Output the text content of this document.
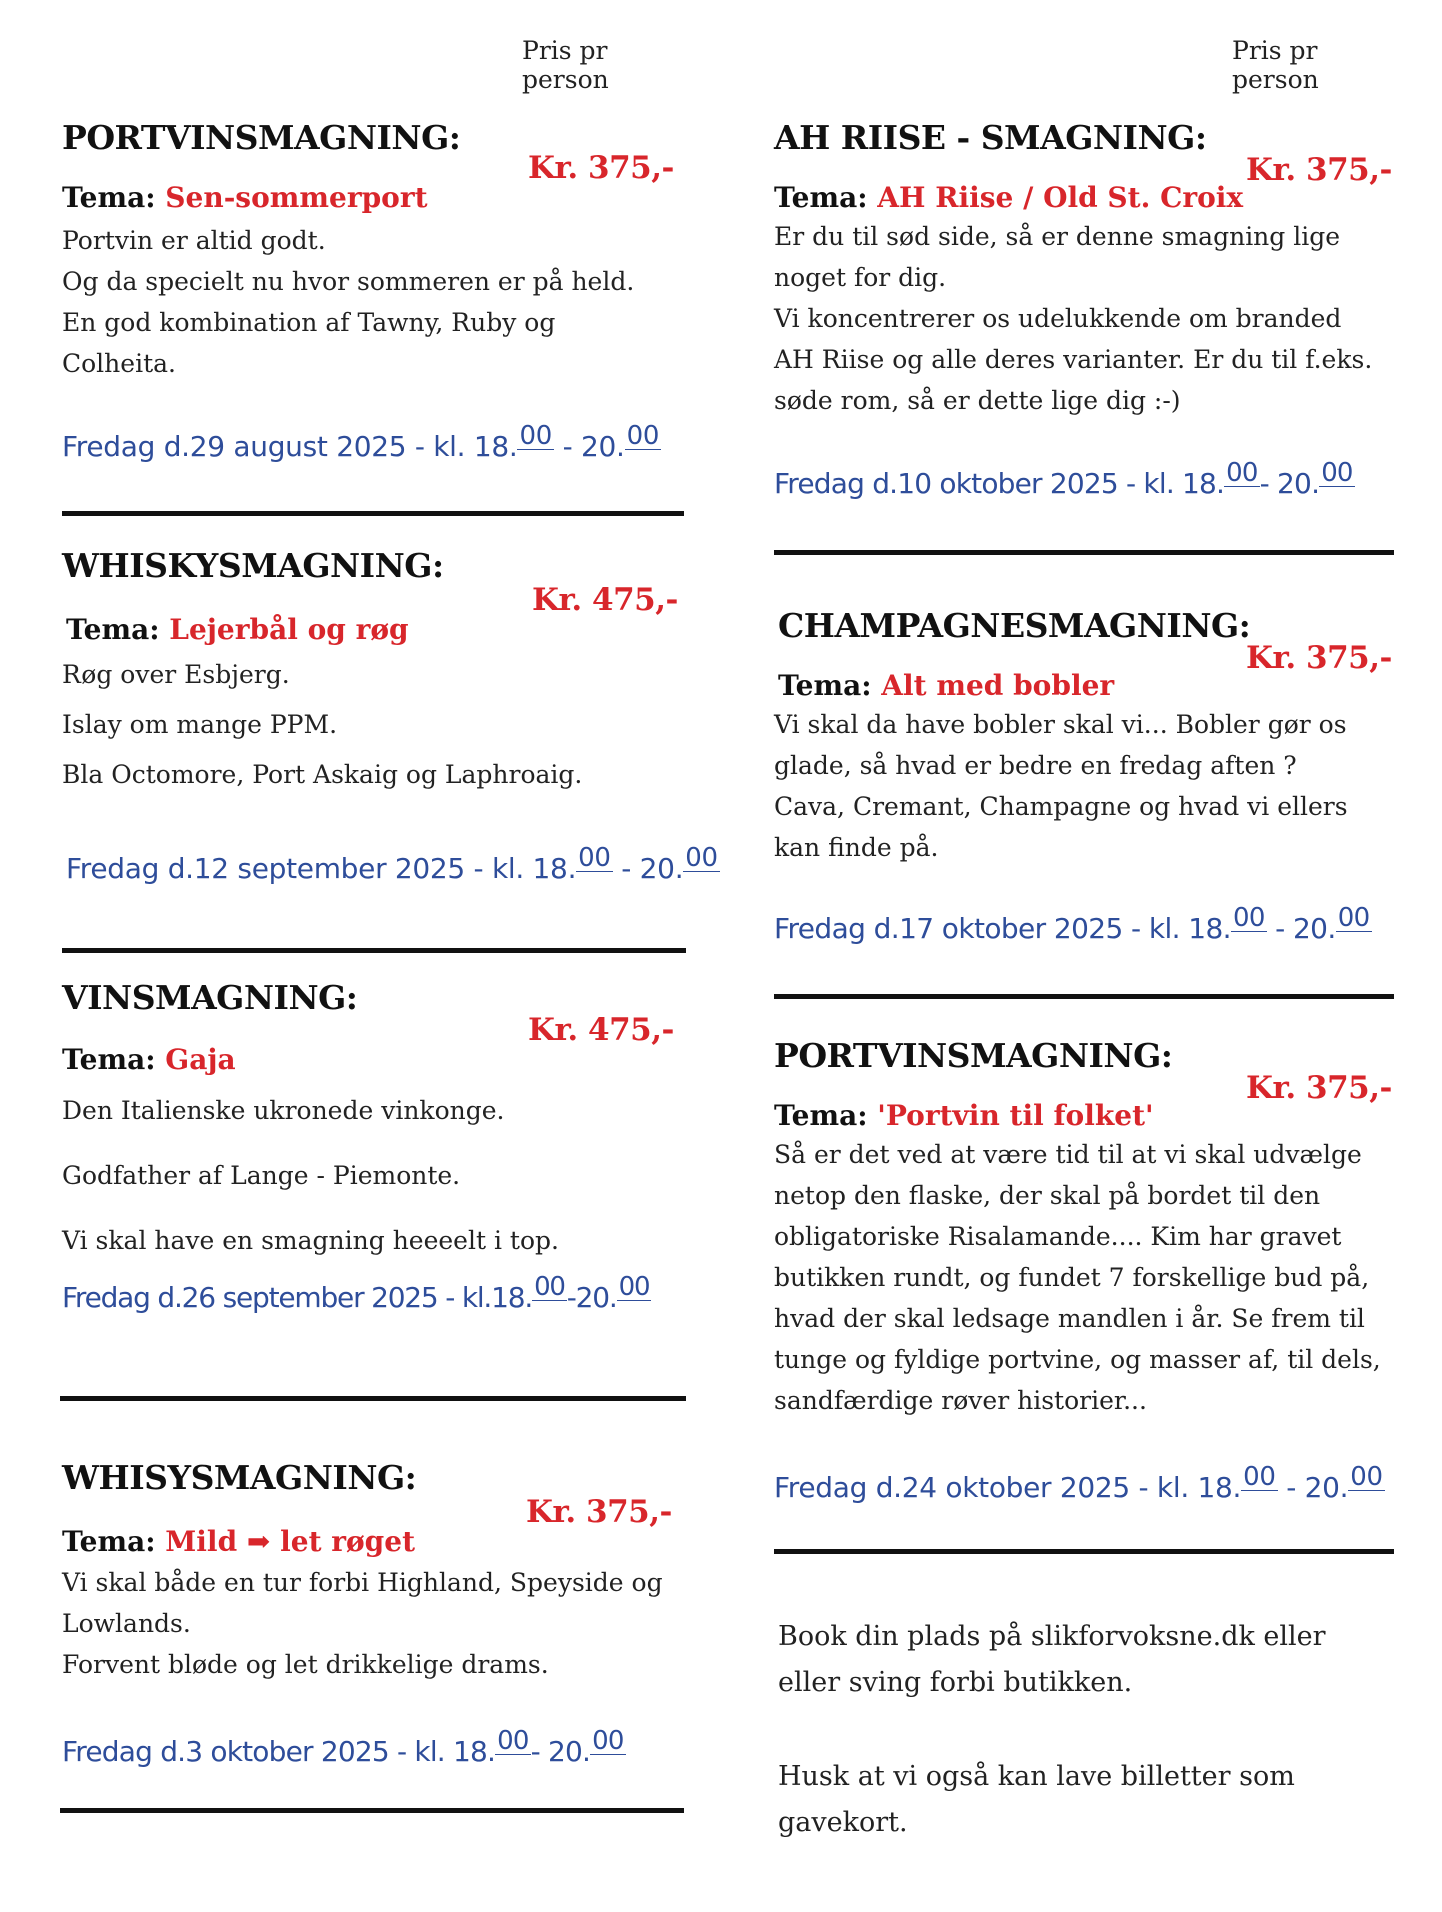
Pris pr person
PORTVINSMAGNING:
Kr. 375,-

Tema: Sen-sommerport

Portvin er altid godt.
Og da specielt nu hvor sommeren er på held.
En god kombination af Tawny, Ruby og
Colheita.

Fredag d.29 august 2025 - kl. 18.00 - 20.00
WHISKYSMAGNING:
Kr. 475,-

Tema: Lejerbål og røg

Røg over Esbjerg.
Islay om mange PPM.
Bla Octomore, Port Askaig og Laphroaig.

Fredag d.12 september 2025 - kl. 18.00 - 20.00
VINSMAGNING:
Kr. 475,-

Tema: Gaja

Den Italienske ukronede vinkonge.
Godfather af Lange - Piemonte.
Vi skal have en smagning heeeelt i top.

Fredag d.26 september 2025 - kl.18.00-20.00
WHISYSMAGNING:
Kr. 375,-

Tema: Mild ➡ let røget

Vi skal både en tur forbi Highland, Speyside og
Lowlands.
Forvent bløde og let drikkelige drams.

Fredag d.3 oktober 2025 - kl. 18.00- 20.00
Pris pr person
AH RIISE - SMAGNING:
Kr. 375,-

Tema: AH Riise / Old St. Croix

Er du til sød side, så er denne smagning lige
noget for dig.
Vi koncentrerer os udelukkende om branded
AH Riise og alle deres varianter. Er du til f.eks.
søde rom, så er dette lige dig :-)

Fredag d.10 oktober 2025 - kl. 18.00- 20.00
CHAMPAGNESMAGNING:
Kr. 375,-

Tema: Alt med bobler

Vi skal da have bobler skal vi... Bobler gør os
glade, så hvad er bedre en fredag aften ?
Cava, Cremant, Champagne og hvad vi ellers
kan finde på.

Fredag d.17 oktober 2025 - kl. 18.00 - 20.00
PORTVINSMAGNING:
Kr. 375,-

Tema: 'Portvin til folket'

Så er det ved at være tid til at vi skal udvælge
netop den flaske, der skal på bordet til den
obligatoriske Risalamande.... Kim har gravet
butikken rundt, og fundet 7 forskellige bud på,
hvad der skal ledsage mandlen i år. Se frem til
tunge og fyldige portvine, og masser af, til dels,
sandfærdige røver historier...

Fredag d.24 oktober 2025 - kl. 18.00 - 20.00

Book din plads på slikforvoksne.dk eller
eller sving forbi butikken.

Husk at vi også kan lave billetter som
gavekort.
